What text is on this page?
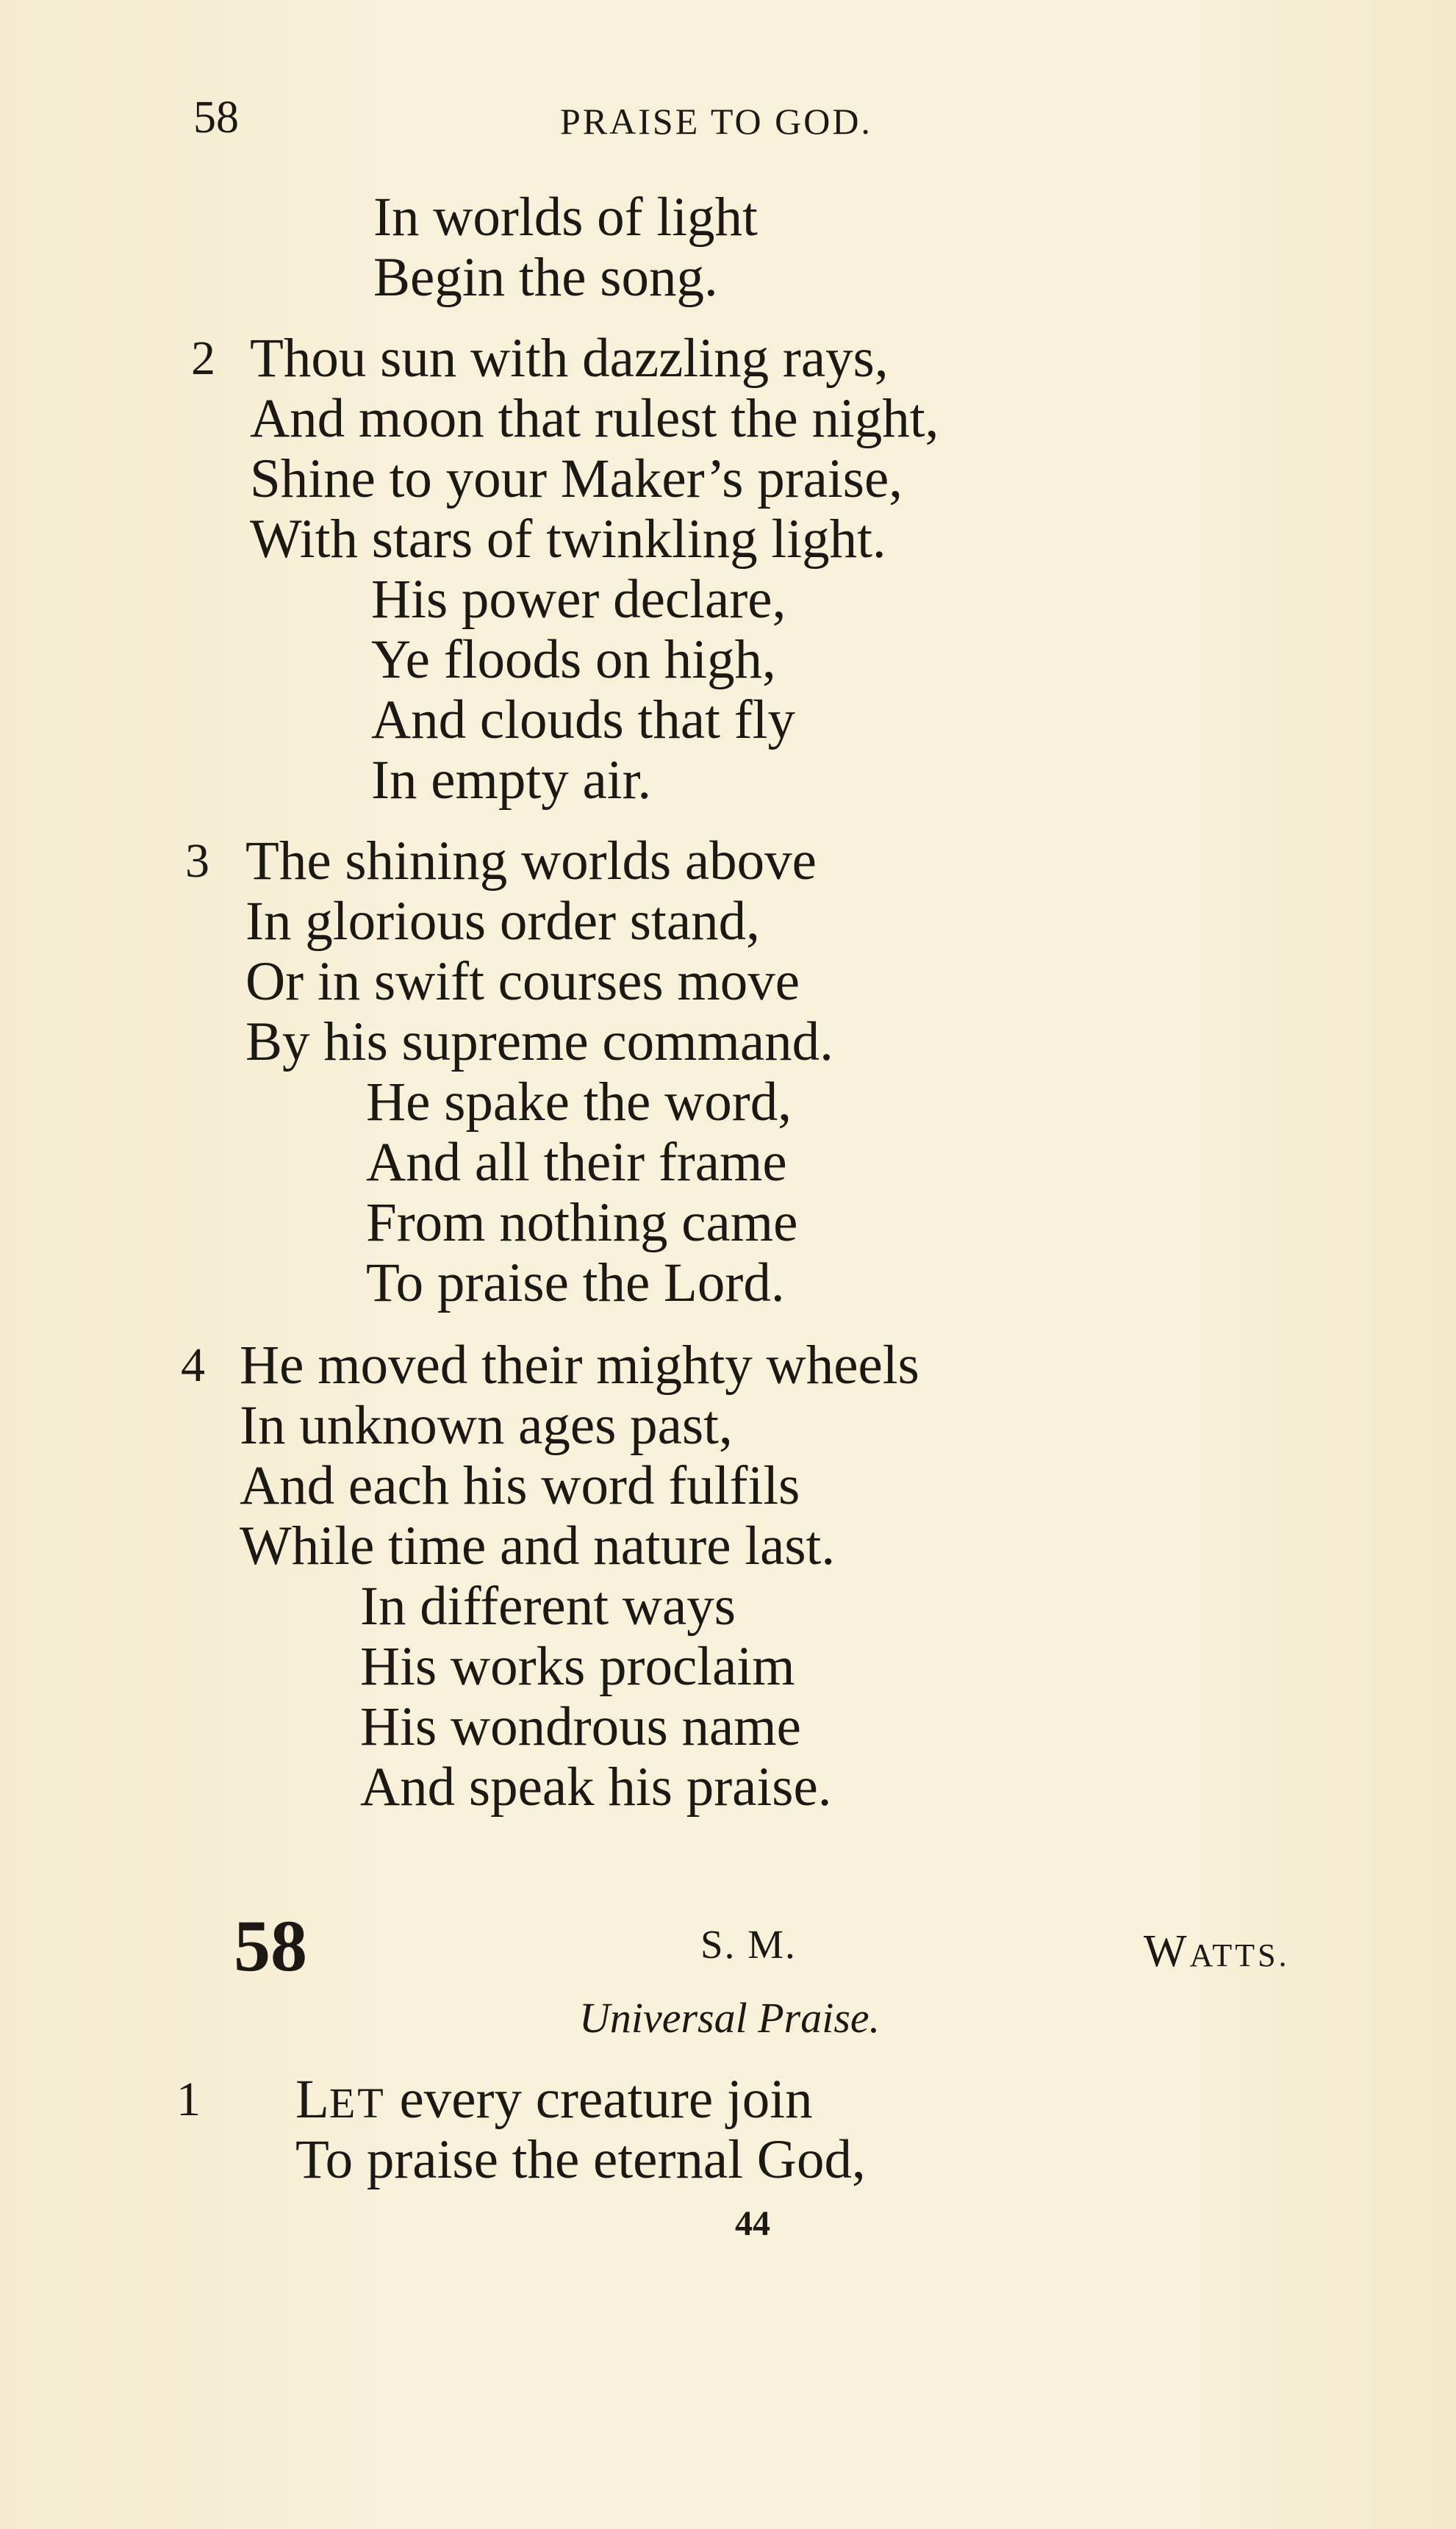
58	PRAISE TO GOD.
In worlds of light
Begin the song.
2 Thou sun with dazzling rays,
And moon that rulest the night,
Shine to your Maker’s praise,
With stars of twinkling light.
His power declare,
Ye floods on high,
And clouds that fly
In empty air.
3 The shining worlds above
In glorious order stand,
Or in swift courses move
By his supreme command.
He spake the word,
And all their frame
From nothing came
To praise the Lord.
4 He moved their mighty wheels
In unknown ages past,
And each his word fulfils
While time and nature last.
In different ways
His works proclaim
His wondrous name
And speak his praise.
58	S. M.	WATTS.
Universal Praise.
1 LET every creature join
To praise the eternal God,
44
